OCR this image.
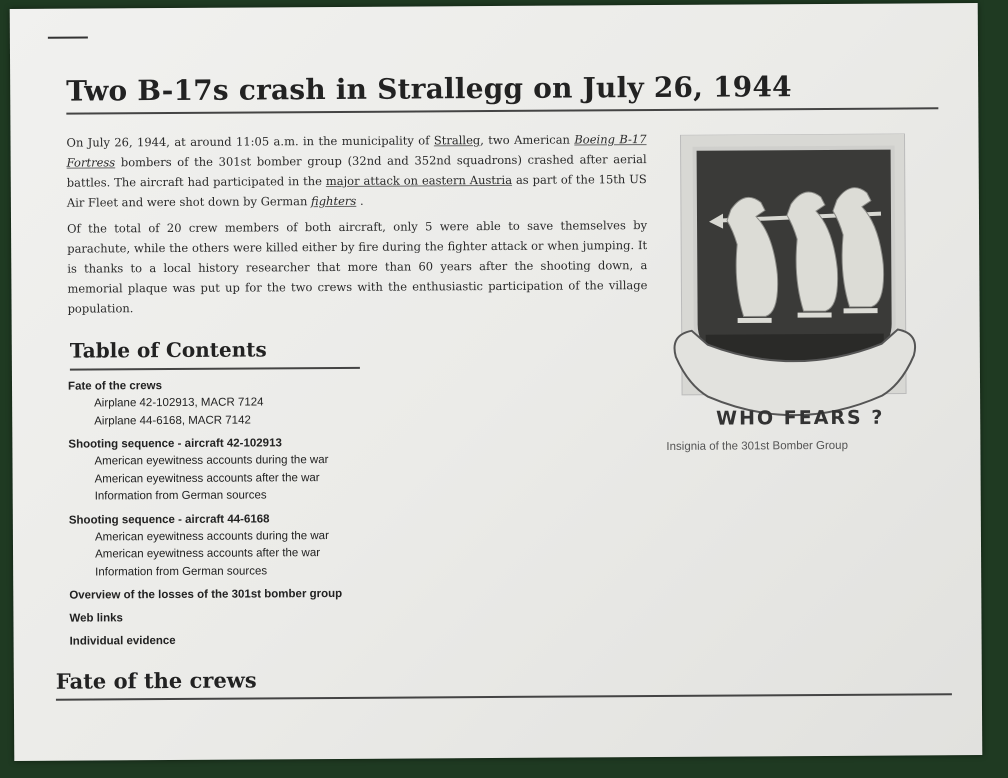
Two B-17s crash in Strallegg on July 26, 1944

On July 26, 1944, at around 11:05 a.m. in the municipality of Stralleg, two American Boeing B-17 Fortress bombers of the 301st bomber group (32nd and 352nd squadrons) crashed after aerial battles. The aircraft had participated in the major attack on eastern Austria as part of the 15th US Air Fleet and were shot down by German fighters .

Of the total of 20 crew members of both aircraft, only 5 were able to save themselves by parachute, while the others were killed either by fire during the fighter attack or when jumping. It is thanks to a local history researcher that more than 60 years after the shooting down, a memorial plaque was put up for the two crews with the enthusiastic participation of the village population.

WHO FEARS ?
Insignia of the 301st Bomber Group
Table of Contents
Fate of the crews
Airplane 42-102913, MACR 7124
Airplane 44-6168, MACR 7142
Shooting sequence - aircraft 42-102913
American eyewitness accounts during the war
American eyewitness accounts after the war
Information from German sources
Shooting sequence - aircraft 44-6168
American eyewitness accounts during the war
American eyewitness accounts after the war
Information from German sources
Overview of the losses of the 301st bomber group
Web links
Individual evidence
Fate of the crews
